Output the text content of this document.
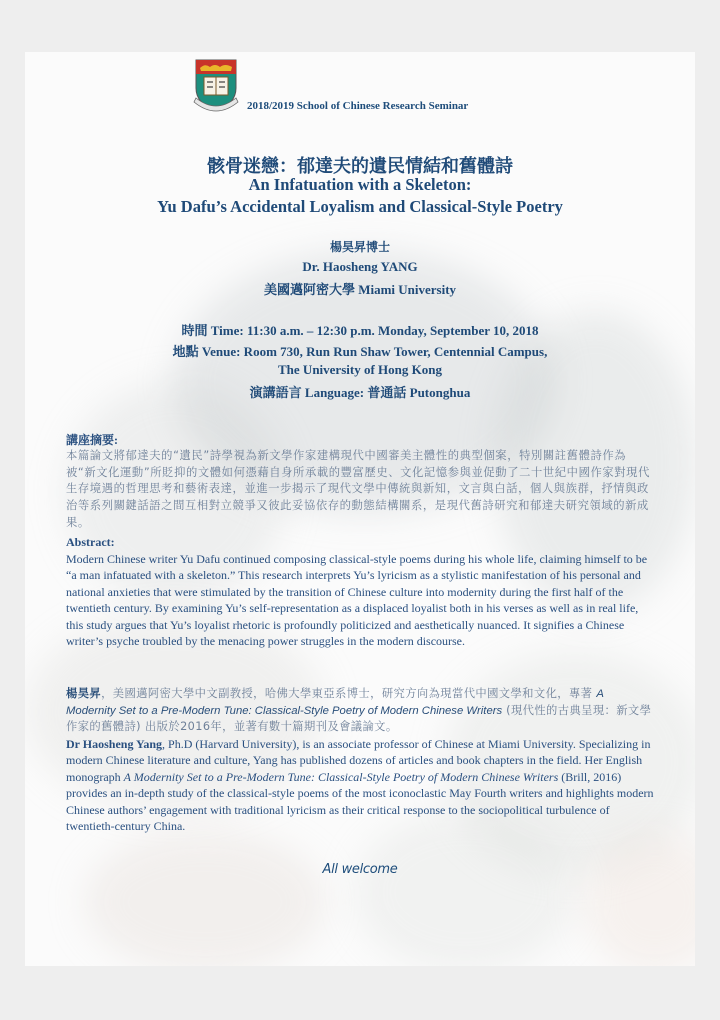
2018/2019 School of Chinese Research Seminar
骸骨迷戀：郁達夫的遺民情結和舊體詩
An Infatuation with a Skeleton:
Yu Dafu’s Accidental Loyalism and Classical-Style Poetry
楊昊昇博士
Dr. Haosheng YANG
美國邁阿密大學 Miami University
時間 Time: 11:30 a.m. – 12:30 p.m. Monday, September 10, 2018
地點 Venue: Room 730, Run Run Shaw Tower, Centennial Campus,
The University of Hong Kong
演講語言 Language: 普通話 Putonghua
講座摘要:
本篇論文將郁達夫的“遺民”詩學視為新文學作家建構現代中國審美主體性的典型個案，特別關註舊體詩作為被“新文化運動”所貶抑的文體如何憑藉自身所承載的豐富歷史、文化記憶参與並促動了二十世紀中國作家對現代生存境遇的哲理思考和藝術表達，並進一步揭示了現代文學中傳統與新知，文言與白話，個人與族群，抒情與政治等系列關鍵話語之間互相對立競爭又彼此妥協依存的動態結構關系，是現代舊詩研究和郁達夫研究領域的新成果。
Abstract:
Modern Chinese writer Yu Dafu continued composing classical-style poems during his whole life, claiming himself to be “a man infatuated with a skeleton.” This research interprets Yu’s lyricism as a stylistic manifestation of his personal and national anxieties that were stimulated by the transition of Chinese culture into modernity during the first half of the twentieth century. By examining Yu’s self-representation as a displaced loyalist both in his verses as well as in real life, this study argues that Yu’s loyalist rhetoric is profoundly politicized and aesthetically nuanced. It signifies a Chinese writer’s psyche troubled by the menacing power struggles in the modern discourse.
楊昊昇，美國邁阿密大學中文副教授，哈佛大學東亞系博士，研究方向為現當代中國文學和文化，專著 A Modernity Set to a Pre-Modern Tune: Classical-Style Poetry of Modern Chinese Writers (現代性的古典呈現：新文學作家的舊體詩) 出版於2016年，並著有數十篇期刊及會議論文。
Dr Haosheng Yang, Ph.D (Harvard University), is an associate professor of Chinese at Miami University. Specializing in modern Chinese literature and culture, Yang has published dozens of articles and book chapters in the field. Her English monograph A Modernity Set to a Pre-Modern Tune: Classical-Style Poetry of Modern Chinese Writers (Brill, 2016) provides an in-depth study of the classical-style poems of the most iconoclastic May Fourth writers and highlights modern Chinese authors’ engagement with traditional lyricism as their critical response to the sociopolitical turbulence of twentieth-century China.
All welcome
